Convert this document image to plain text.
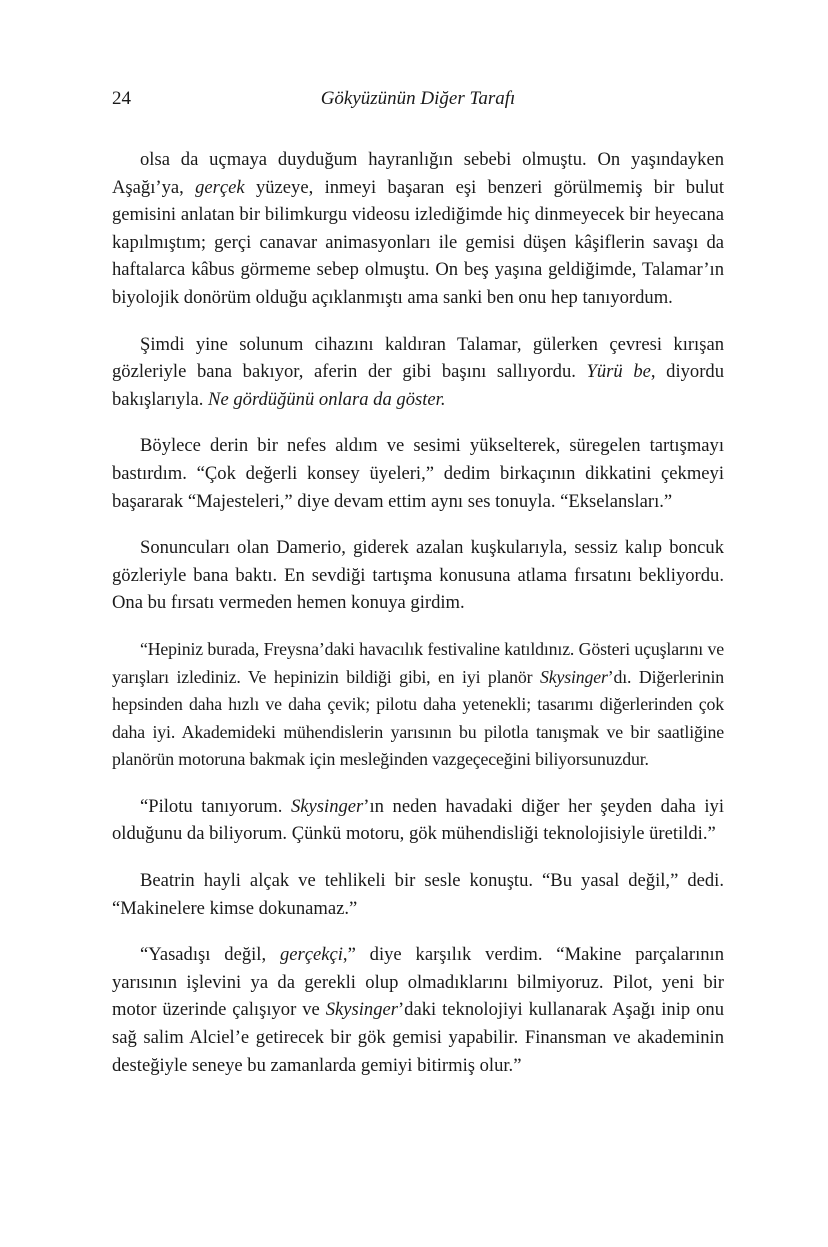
24	Gökyüzünün Diğer Tarafı

olsa da uçmaya duyduğum hayranlığın sebebi olmuştu. On yaşındayken Aşağı’ya, gerçek yüzeye, inmeyi başaran eşi benzeri görülmemiş bir bulut gemisini anlatan bir bilimkurgu videosu izlediğimde hiç dinmeyecek bir heyecana kapılmıştım; gerçi canavar animasyonları ile gemisi düşen kâşiflerin savaşı da haftalarca kâbus görmeme sebep olmuştu. On beş yaşına geldiğimde, Talamar’ın biyolojik donörüm olduğu açıklanmıştı ama sanki ben onu hep tanıyordum.

Şimdi yine solunum cihazını kaldıran Talamar, gülerken çevresi kırışan gözleriyle bana bakıyor, aferin der gibi başını sallıyordu. Yürü be, diyordu bakışlarıyla. Ne gördüğünü onlara da göster.

Böylece derin bir nefes aldım ve sesimi yükselterek, süregelen tartışmayı bastırdım. “Çok değerli konsey üyeleri,” dedim birkaçının dikkatini çekmeyi başararak “Majesteleri,” diye devam ettim aynı ses tonuyla. “Ekselansları.”

Sonuncuları olan Damerio, giderek azalan kuşkularıyla, sessiz kalıp boncuk gözleriyle bana baktı. En sevdiği tartışma konusuna atlama fırsatını bekliyordu. Ona bu fırsatı vermeden hemen konuya girdim.

“Hepiniz burada, Freysna’daki havacılık festivaline katıldınız. Gösteri uçuşlarını ve yarışları izlediniz. Ve hepinizin bildiği gibi, en iyi planör Skysinger’dı. Diğerlerinin hepsinden daha hızlı ve daha çevik; pilotu daha yetenekli; tasarımı diğerlerinden çok daha iyi. Akademideki mühendislerin yarısının bu pilotla tanışmak ve bir saatliğine planörün motoruna bakmak için mesleğinden vazgeçeceğini biliyorsunuzdur.

“Pilotu tanıyorum. Skysinger’ın neden havadaki diğer her şeyden daha iyi olduğunu da biliyorum. Çünkü motoru, gök mühendisliği teknolojisiyle üretildi.”

Beatrin hayli alçak ve tehlikeli bir sesle konuştu. “Bu yasal değil,” dedi. “Makinelere kimse dokunamaz.”

“Yasadışı değil, gerçekçi,” diye karşılık verdim. “Makine parçalarının yarısının işlevini ya da gerekli olup olmadıklarını bilmiyoruz. Pilot, yeni bir motor üzerinde çalışıyor ve Skysinger’daki teknolojiyi kullanarak Aşağı inip onu sağ salim Alciel’e getirecek bir gök gemisi yapabilir. Finansman ve akademinin desteğiyle seneye bu zamanlarda gemiyi bitirmiş olur.”
